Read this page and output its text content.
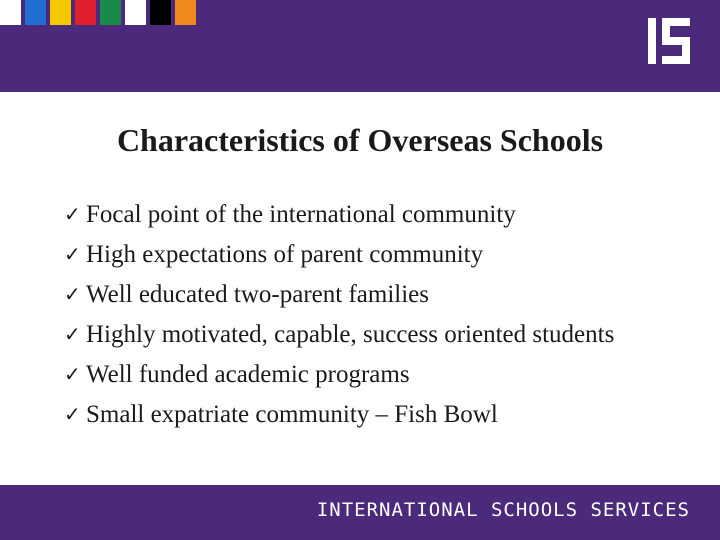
Characteristics of Overseas Schools
✓ Focal point of the international community
✓ High expectations of parent community
✓ Well educated two-parent families
✓ Highly motivated, capable, success oriented students
✓ Well funded academic programs
✓ Small expatriate community – Fish Bowl
INTERNATIONAL SCHOOLS SERVICES
